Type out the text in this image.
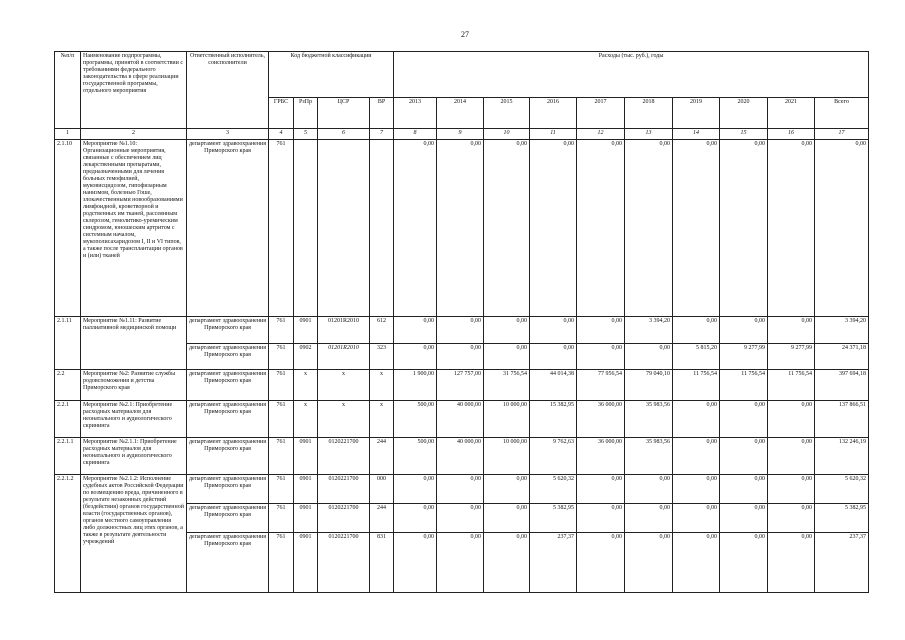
27
№п/п	Наименование подпрограммы, программы, принятой в соответствии с требованиями федерального законодательства в сфере реализации государственной программы, отдельного мероприятия	Ответственный исполнитель, соисполнители	Код бюджетной классификации				Расходы (тыс. руб.), годы									
			ГРБС	РзПр	ЦСР	ВР	2013	2014	2015	2016	2017	2018	2019	2020	2021	Всего
1	2	3	4	5	6	7	8	9	10	11	12	13	14	15	16	17
2.1.10	Мероприятие №1.10: Организационные мероприятия, связанные с обеспечением лиц лекарственными препаратами, предназначенными для лечения больных гемофилией, муковисцидозом, гипофизарным нанизмом, болезнью Гоше, злокачественными новообразованиями лимфоидной, кроветворной и родственных им тканей, рассеянным склерозом, гемолитико-уремическим синдромом, юношеским артритом с системным началом, мукополисахаридозом I, II и VI типов, а также после трансплантации органов и (или) тканей	департамент здравоохранения Приморского края	761				0,00	0,00	0,00	0,00	0,00	0,00	0,00	0,00	0,00	0,00
2.1.11	Мероприятие №1.11: Развитие паллиативной медицинской помощи	департамент здравоохранения Приморского края	761	0901	01201R2010	612	0,00	0,00	0,00	0,00	0,00	3 394,20	0,00	0,00	0,00	3 394,20
		департамент здравоохранения Приморского края	761	0902	01201R2010	323	0,00	0,00	0,00	0,00	0,00	0,00	5 815,20	9 277,99	9 277,99	24 371,18
2.2	Мероприятие №2: Развитие службы родовспоможения и детства Приморского края	департамент здравоохранения Приморского края	761	х	х	х	1 900,00	127 757,00	31 756,54	44 014,38	77 956,54	79 040,10	11 756,54	11 756,54	11 756,54	397 694,18
2.2.1	Мероприятие №2.1: Приобретение расходных материалов для неонатального и аудиологического скрининга	департамент здравоохранения Приморского края	761	х	х	х	500,00	40 000,00	10 000,00	15 382,95	36 000,00	35 983,56	0,00	0,00	0,00	137 866,51
2.2.1.1	Мероприятие №2.1.1: Приобретение расходных материалов для неонатального и аудиологического скрининга	департамент здравоохранения Приморского края	761	0901	0120221700	244	500,00	40 000,00	10 000,00	9 762,63	36 000,00	35 983,56	0,00	0,00	0,00	132 246,19
2.2.1.2	Мероприятие №2.1.2: Исполнение судебных актов Российской Федерации по возмещению вреда, причиненного в результате незаконных действий (бездействия) органов государственной власти (государственных органов), органов местного самоуправления либо должностных лиц этих органов, а также в результате деятельности учреждений	департамент здравоохранения Приморского края	761	0901	0120221700	000	0,00	0,00	0,00	5 620,32	0,00	0,00	0,00	0,00	0,00	5 620,32
		департамент здравоохранения Приморского края	761	0901	0120221700	244	0,00	0,00	0,00	5 382,95	0,00	0,00	0,00	0,00	0,00	5 382,95
		департамент здравоохранения Приморского края	761	0901	0120221700	831	0,00	0,00	0,00	237,37	0,00	0,00	0,00	0,00	0,00	237,37
